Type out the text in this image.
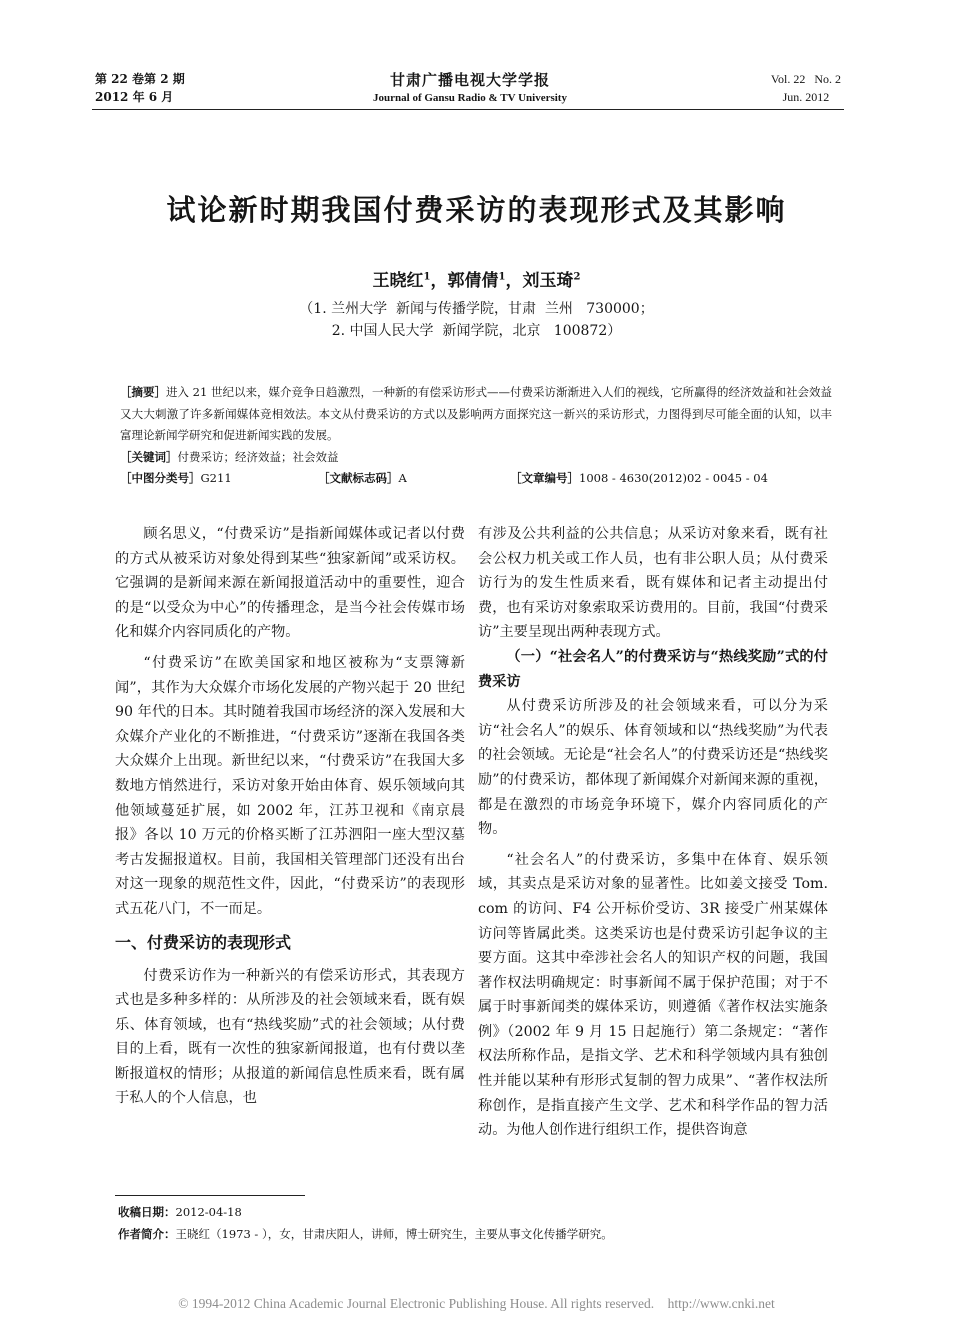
第 22 卷第 2 期
2012 年 6 月
甘肃广播电视大学学报
Journal of Gansu Radio & TV University
Vol. 22   No. 2
Jun. 2012
试论新时期我国付费采访的表现形式及其影响
王晓红$^1$，郭倩倩$^1$，刘玉琦$^2$
（1. 兰州大学  新闻与传播学院，甘肃  兰州   730000；
2. 中国人民大学  新闻学院，北京   100872）

［摘要］进入 21 世纪以来，媒介竞争日趋激烈，一种新的有偿采访形式——付费采访渐渐进入人们的视线，它所赢得的经济效益和社会效益又大大刺激了许多新闻媒体竞相效法。本文从付费采访的方式以及影响两方面探究这一新兴的采访形式，力图得到尽可能全面的认知，以丰富理论新闻学研究和促进新闻实践的发展。

［关键词］付费采访；经济效益；社会效益

［中图分类号］G211	［文献标志码］A	［文章编号］1008 - 4630(2012)02 - 0045 - 04

顾名思义，“付费采访”是指新闻媒体或记者以付费的方式从被采访对象处得到某些“独家新闻”或采访权。它强调的是新闻来源在新闻报道活动中的重要性，迎合的是“以受众为中心”的传播理念，是当今社会传媒市场化和媒介内容同质化的产物。

“付费采访”在欧美国家和地区被称为“支票簿新闻”，其作为大众媒介市场化发展的产物兴起于 20 世纪 90 年代的日本。其时随着我国市场经济的深入发展和大众媒介产业化的不断推进，“付费采访”逐渐在我国各类大众媒介上出现。新世纪以来，“付费采访”在我国大多数地方悄然进行，采访对象开始由体育、娱乐领域向其他领域蔓延扩展，如 2002 年，江苏卫视和《南京晨报》各以 10 万元的价格买断了江苏泗阳一座大型汉墓考古发掘报道权。目前，我国相关管理部门还没有出台对这一现象的规范性文件，因此，“付费采访”的表现形式五花八门，不一而足。

一、付费采访的表现形式

付费采访作为一种新兴的有偿采访形式，其表现方式也是多种多样的：从所涉及的社会领域来看，既有娱乐、体育领域，也有“热线奖励”式的社会领域；从付费目的上看，既有一次性的独家新闻报道，也有付费以垄断报道权的情形；从报道的新闻信息性质来看，既有属于私人的个人信息，也

有涉及公共利益的公共信息；从采访对象来看，既有社会公权力机关或工作人员，也有非公职人员；从付费采访行为的发生性质来看，既有媒体和记者主动提出付费，也有采访对象索取采访费用的。目前，我国“付费采访”主要呈现出两种表现方式。

（一）“社会名人”的付费采访与“热线奖励”式的付费采访

从付费采访所涉及的社会领域来看，可以分为采访“社会名人”的娱乐、体育领域和以“热线奖励”为代表的社会领域。无论是“社会名人”的付费采访还是“热线奖励”的付费采访，都体现了新闻媒介对新闻来源的重视，都是在激烈的市场竞争环境下，媒介内容同质化的产物。

“社会名人”的付费采访，多集中在体育、娱乐领域，其卖点是采访对象的显著性。比如姜文接受 Tom. com 的访问、F4 公开标价受访、3R 接受广州某媒体访问等皆属此类。这类采访也是付费采访引起争议的主要方面。这其中牵涉社会名人的知识产权的问题，我国著作权法明确规定：时事新闻不属于保护范围；对于不属于时事新闻类的媒体采访，则遵循《著作权法实施条例》（2002 年 9 月 15 日起施行）第二条规定：“著作权法所称作品，是指文学、艺术和科学领域内具有独创性并能以某种有形形式复制的智力成果”、“著作权法所称创作，是指直接产生文学、艺术和科学作品的智力活动。为他人创作进行组织工作，提供咨询意

收稿日期：2012-04-18
作者简介：王晓红（1973 - ），女，甘肃庆阳人，讲师，博士研究生，主要从事文化传播学研究。
© 1994-2012 China Academic Journal Electronic Publishing House. All rights reserved.    http://www.cnki.net
